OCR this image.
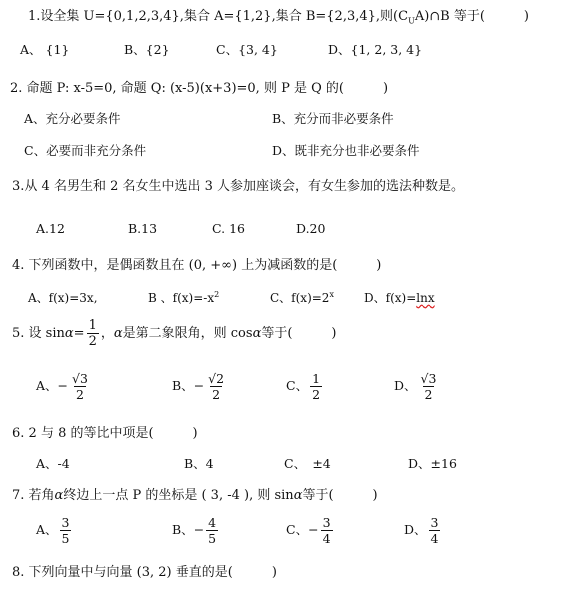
1.设全集 U={0,1,2,3,4},集合 A={1,2},集合 B={2,3,4},则$(C_UA)\cap B$ 等于(　　　)
A、 {1}	B、{2}	C、{3, 4}	D、{1, 2, 3, 4}
2. 命题 P: x-5=0, 命题 Q: (x-5)(x+3)=0, 则 P 是 Q 的(　　　)
A、充分必要条件	B、充分而非必要条件
C、必要而非充分条件	D、既非充分也非必要条件
3.从 4 名男生和 2 名女生中选出 3 人参加座谈会，有女生参加的选法种数是。
A.12	B.13	C. 16	D.20
4. 下列函数中，是偶函数且在 (0, +∞) 上为减函数的是(　　　)
A、f(x)=3x,	B 、$f(x)=-x^2$	C、$f(x)=2^x$	D、f(x)=lnx
5. 设 $\sin\alpha= \frac{1}{2}$ ，α是第二象限角，则 cosα等于(　　　)
A、− $\frac{√3}{2}$	B、− $\frac{√2}{2}$	C、 $\frac{1}{2}$	D、 $\frac{√3}{2}$
6. 2 与 8 的等比中项是(　　　)
A、-4	B、4	C、　±4	D、±16
7. 若角α终边上一点 P 的坐标是 ( 3, -4 ), 则 sinα等于(　　　)
A、 $\frac{3}{5}$	B、− $\frac{4}{5}$	C、− $\frac{3}{4}$	D、 $\frac{3}{4}$
8. 下列向量中与向量 (3, 2) 垂直的是(　　　)
